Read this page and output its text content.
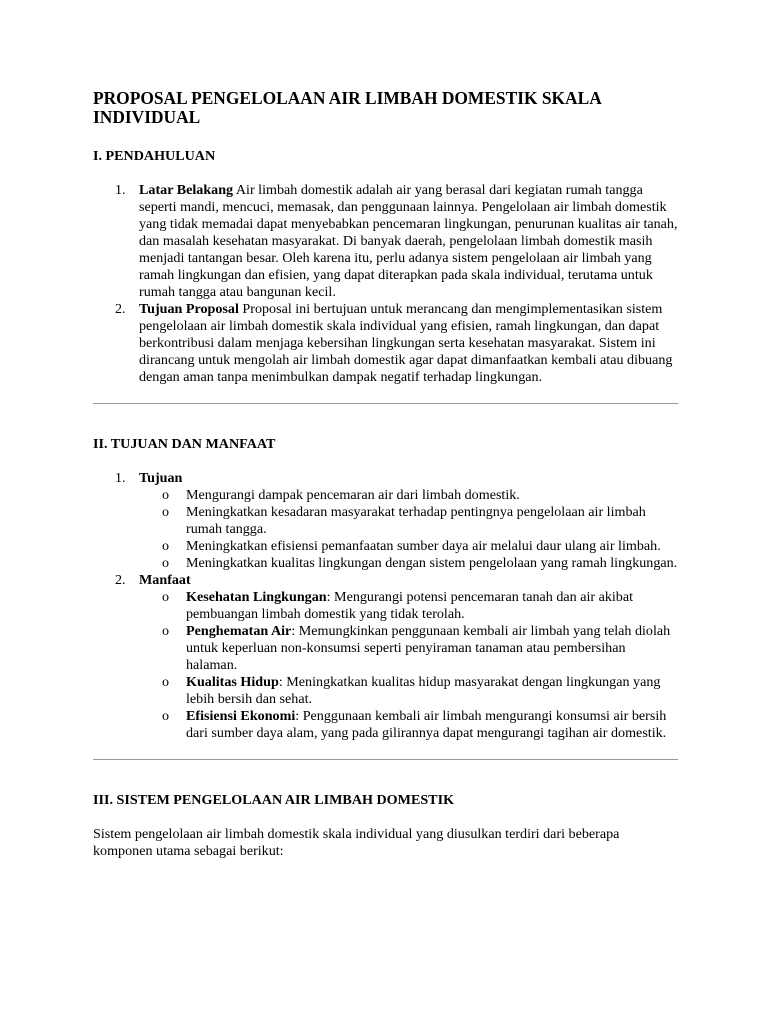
PROPOSAL PENGELOLAAN AIR LIMBAH DOMESTIK SKALA INDIVIDUAL
I. PENDAHULUAN
1. Latar Belakang Air limbah domestik adalah air yang berasal dari kegiatan rumah tangga seperti mandi, mencuci, memasak, dan penggunaan lainnya. Pengelolaan air limbah domestik yang tidak memadai dapat menyebabkan pencemaran lingkungan, penurunan kualitas air tanah, dan masalah kesehatan masyarakat. Di banyak daerah, pengelolaan limbah domestik masih menjadi tantangan besar. Oleh karena itu, perlu adanya sistem pengelolaan air limbah yang ramah lingkungan dan efisien, yang dapat diterapkan pada skala individual, terutama untuk rumah tangga atau bangunan kecil.
2. Tujuan Proposal Proposal ini bertujuan untuk merancang dan mengimplementasikan sistem pengelolaan air limbah domestik skala individual yang efisien, ramah lingkungan, dan dapat berkontribusi dalam menjaga kebersihan lingkungan serta kesehatan masyarakat. Sistem ini dirancang untuk mengolah air limbah domestik agar dapat dimanfaatkan kembali atau dibuang dengan aman tanpa menimbulkan dampak negatif terhadap lingkungan.
II. TUJUAN DAN MANFAAT
1. Tujuan
o Mengurangi dampak pencemaran air dari limbah domestik.
o Meningkatkan kesadaran masyarakat terhadap pentingnya pengelolaan air limbah rumah tangga.
o Meningkatkan efisiensi pemanfaatan sumber daya air melalui daur ulang air limbah.
o Meningkatkan kualitas lingkungan dengan sistem pengelolaan yang ramah lingkungan.
2. Manfaat
o Kesehatan Lingkungan: Mengurangi potensi pencemaran tanah dan air akibat pembuangan limbah domestik yang tidak terolah.
o Penghematan Air: Memungkinkan penggunaan kembali air limbah yang telah diolah untuk keperluan non-konsumsi seperti penyiraman tanaman atau pembersihan halaman.
o Kualitas Hidup: Meningkatkan kualitas hidup masyarakat dengan lingkungan yang lebih bersih dan sehat.
o Efisiensi Ekonomi: Penggunaan kembali air limbah mengurangi konsumsi air bersih dari sumber daya alam, yang pada gilirannya dapat mengurangi tagihan air domestik.
III. SISTEM PENGELOLAAN AIR LIMBAH DOMESTIK

Sistem pengelolaan air limbah domestik skala individual yang diusulkan terdiri dari beberapa komponen utama sebagai berikut:
